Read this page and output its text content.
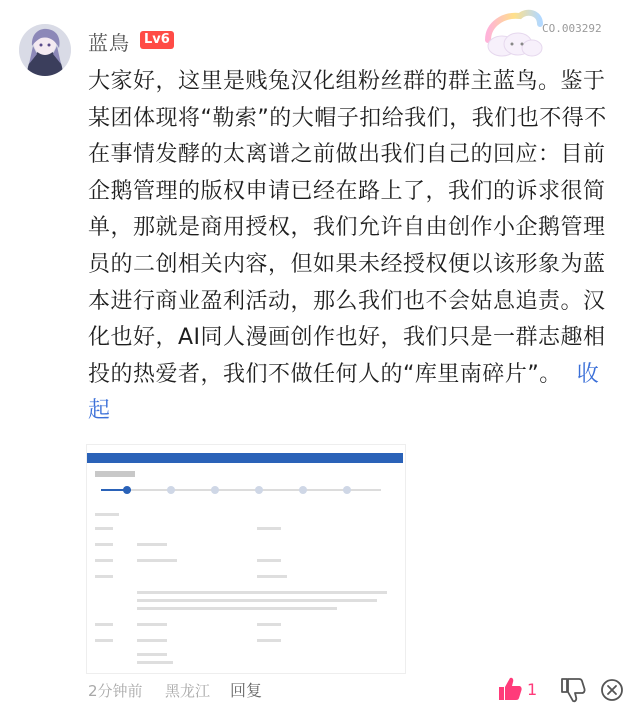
蓝鳥	Lv6
CO.003292
大家好，这里是贱兔汉化组粉丝群的群主蓝鸟。鉴于某团体现将“勒索”的大帽子扣给我们，我们也不得不在事情发酵的太离谱之前做出我们自己的回应：目前企鹅管理的版权申请已经在路上了，我们的诉求很简单，那就是商用授权，我们允许自由创作小企鹅管理员的二创相关内容，但如果未经授权便以该形象为蓝本进行商业盈利活动，那么我们也不会姑息追责。汉化也好，AI同人漫画创作也好，我们只是一群志趣相投的热爱者，我们不做任何人的“库里南碎片”。 收起
2分钟前 黑龙江 回复	1
